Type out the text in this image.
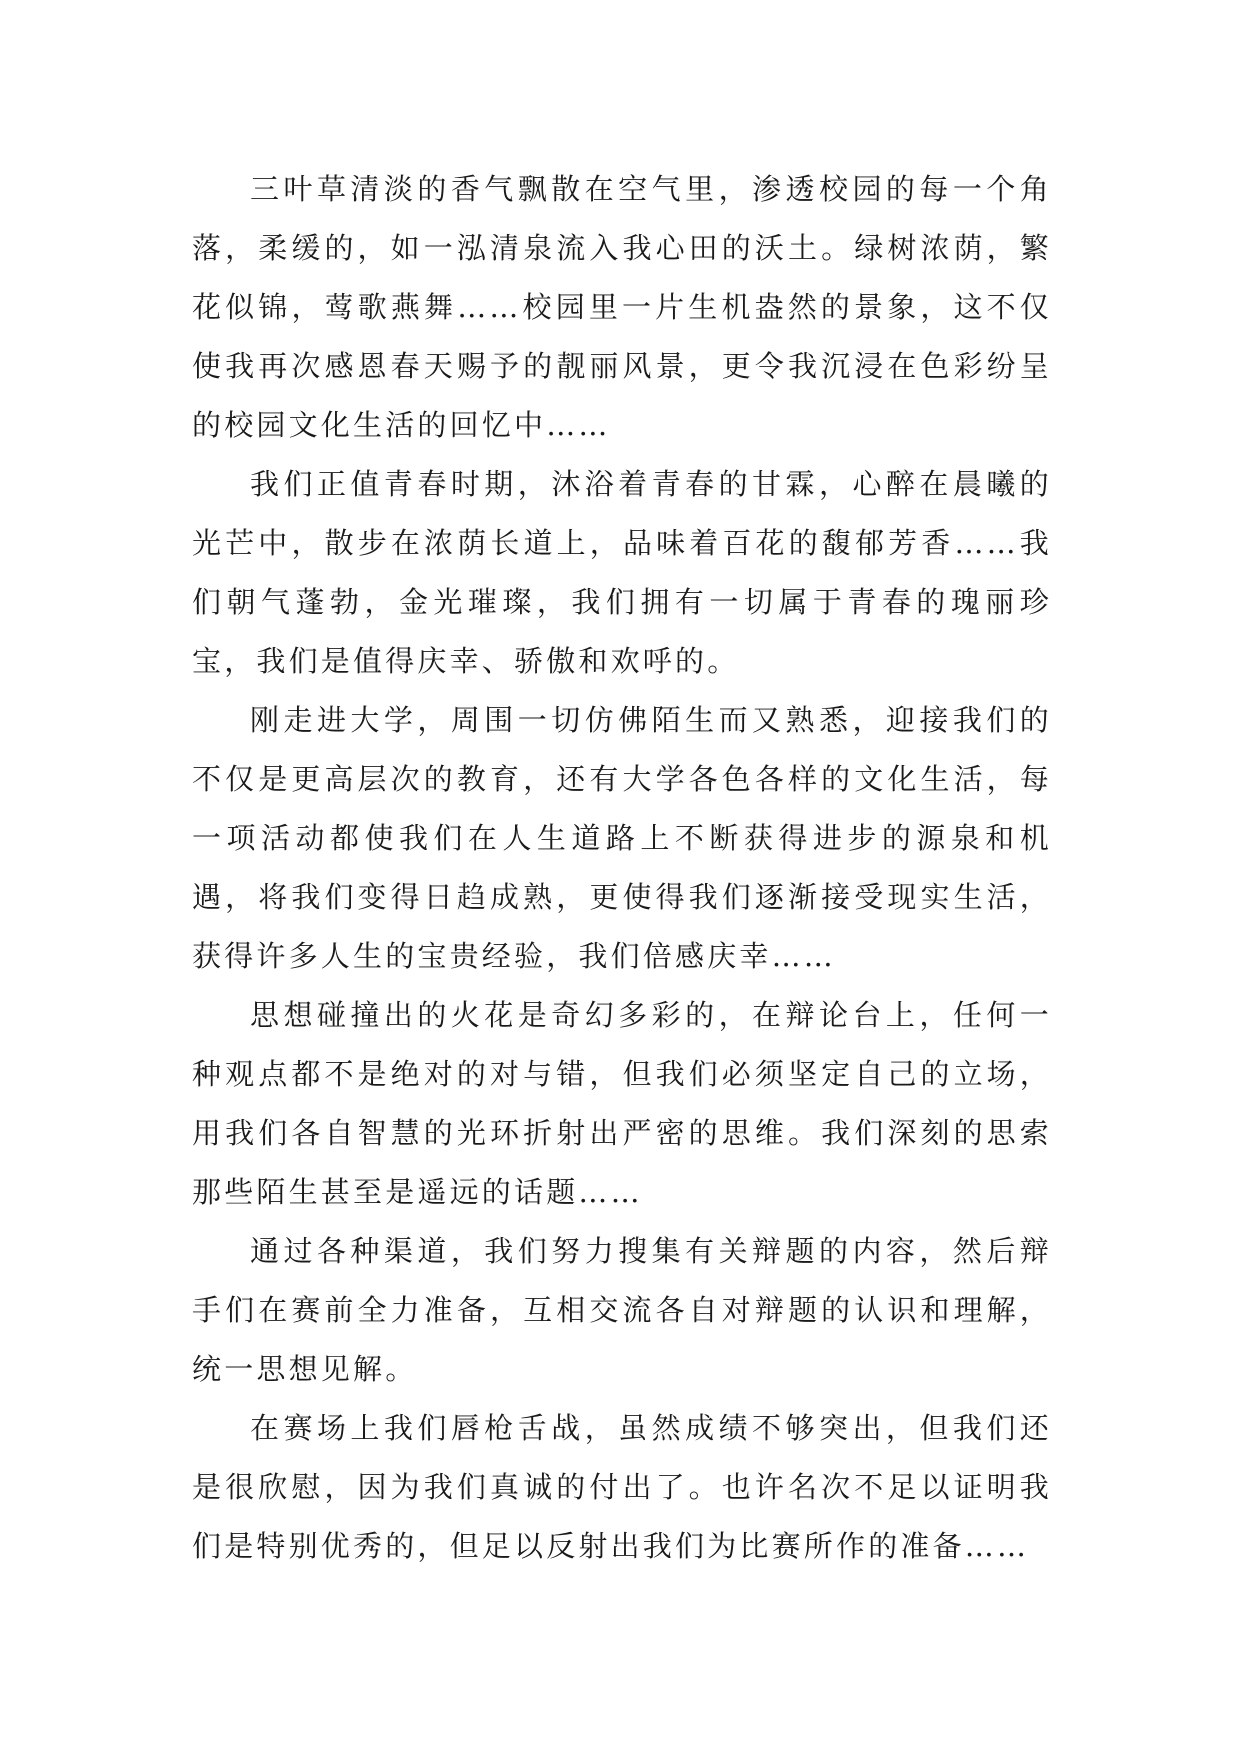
三叶草清淡的香气飘散在空气里，渗透校园的每一个角落，柔缓的，如一泓清泉流入我心田的沃土。绿树浓荫，繁花似锦，莺歌燕舞……校园里一片生机盎然的景象，这不仅使我再次感恩春天赐予的靓丽风景，更令我沉浸在色彩纷呈的校园文化生活的回忆中……

我们正值青春时期，沐浴着青春的甘霖，心醉在晨曦的光芒中，散步在浓荫长道上，品味着百花的馥郁芳香……我们朝气蓬勃，金光璀璨，我们拥有一切属于青春的瑰丽珍宝，我们是值得庆幸、骄傲和欢呼的。

刚走进大学，周围一切仿佛陌生而又熟悉，迎接我们的不仅是更高层次的教育，还有大学各色各样的文化生活，每一项活动都使我们在人生道路上不断获得进步的源泉和机遇，将我们变得日趋成熟，更使得我们逐渐接受现实生活，获得许多人生的宝贵经验，我们倍感庆幸……

思想碰撞出的火花是奇幻多彩的，在辩论台上，任何一种观点都不是绝对的对与错，但我们必须坚定自己的立场，用我们各自智慧的光环折射出严密的思维。我们深刻的思索那些陌生甚至是遥远的话题……

通过各种渠道，我们努力搜集有关辩题的内容，然后辩手们在赛前全力准备，互相交流各自对辩题的认识和理解，统一思想见解。

在赛场上我们唇枪舌战，虽然成绩不够突出，但我们还是很欣慰，因为我们真诚的付出了。也许名次不足以证明我们是特别优秀的，但足以反射出我们为比赛所作的准备……
